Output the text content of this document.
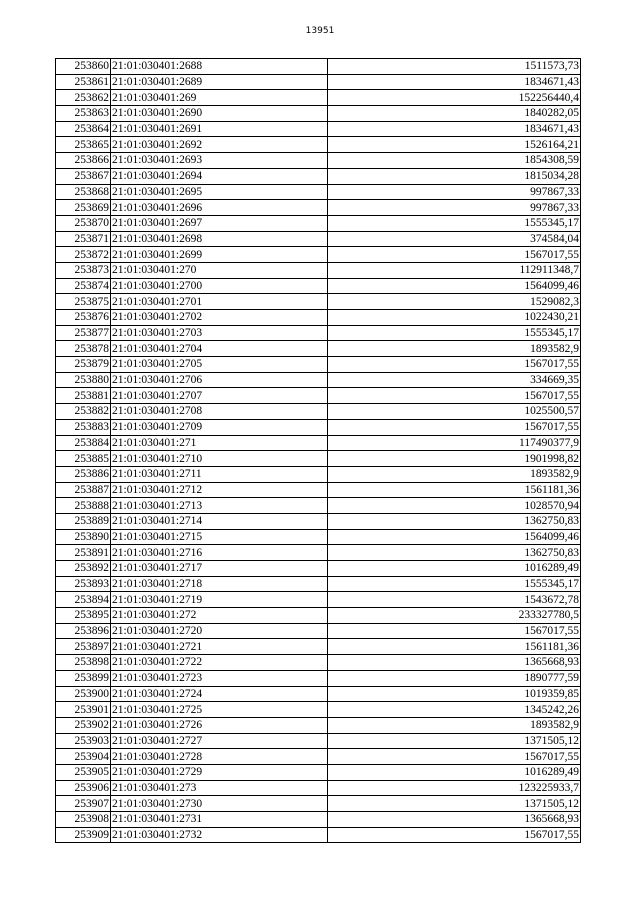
13951
253860	21:01:030401:2688	1511573,73
253861	21:01:030401:2689	1834671,43
253862	21:01:030401:269	152256440,4
253863	21:01:030401:2690	1840282,05
253864	21:01:030401:2691	1834671,43
253865	21:01:030401:2692	1526164,21
253866	21:01:030401:2693	1854308,59
253867	21:01:030401:2694	1815034,28
253868	21:01:030401:2695	997867,33
253869	21:01:030401:2696	997867,33
253870	21:01:030401:2697	1555345,17
253871	21:01:030401:2698	374584,04
253872	21:01:030401:2699	1567017,55
253873	21:01:030401:270	112911348,7
253874	21:01:030401:2700	1564099,46
253875	21:01:030401:2701	1529082,3
253876	21:01:030401:2702	1022430,21
253877	21:01:030401:2703	1555345,17
253878	21:01:030401:2704	1893582,9
253879	21:01:030401:2705	1567017,55
253880	21:01:030401:2706	334669,35
253881	21:01:030401:2707	1567017,55
253882	21:01:030401:2708	1025500,57
253883	21:01:030401:2709	1567017,55
253884	21:01:030401:271	117490377,9
253885	21:01:030401:2710	1901998,82
253886	21:01:030401:2711	1893582,9
253887	21:01:030401:2712	1561181,36
253888	21:01:030401:2713	1028570,94
253889	21:01:030401:2714	1362750,83
253890	21:01:030401:2715	1564099,46
253891	21:01:030401:2716	1362750,83
253892	21:01:030401:2717	1016289,49
253893	21:01:030401:2718	1555345,17
253894	21:01:030401:2719	1543672,78
253895	21:01:030401:272	233327780,5
253896	21:01:030401:2720	1567017,55
253897	21:01:030401:2721	1561181,36
253898	21:01:030401:2722	1365668,93
253899	21:01:030401:2723	1890777,59
253900	21:01:030401:2724	1019359,85
253901	21:01:030401:2725	1345242,26
253902	21:01:030401:2726	1893582,9
253903	21:01:030401:2727	1371505,12
253904	21:01:030401:2728	1567017,55
253905	21:01:030401:2729	1016289,49
253906	21:01:030401:273	123225933,7
253907	21:01:030401:2730	1371505,12
253908	21:01:030401:2731	1365668,93
253909	21:01:030401:2732	1567017,55
